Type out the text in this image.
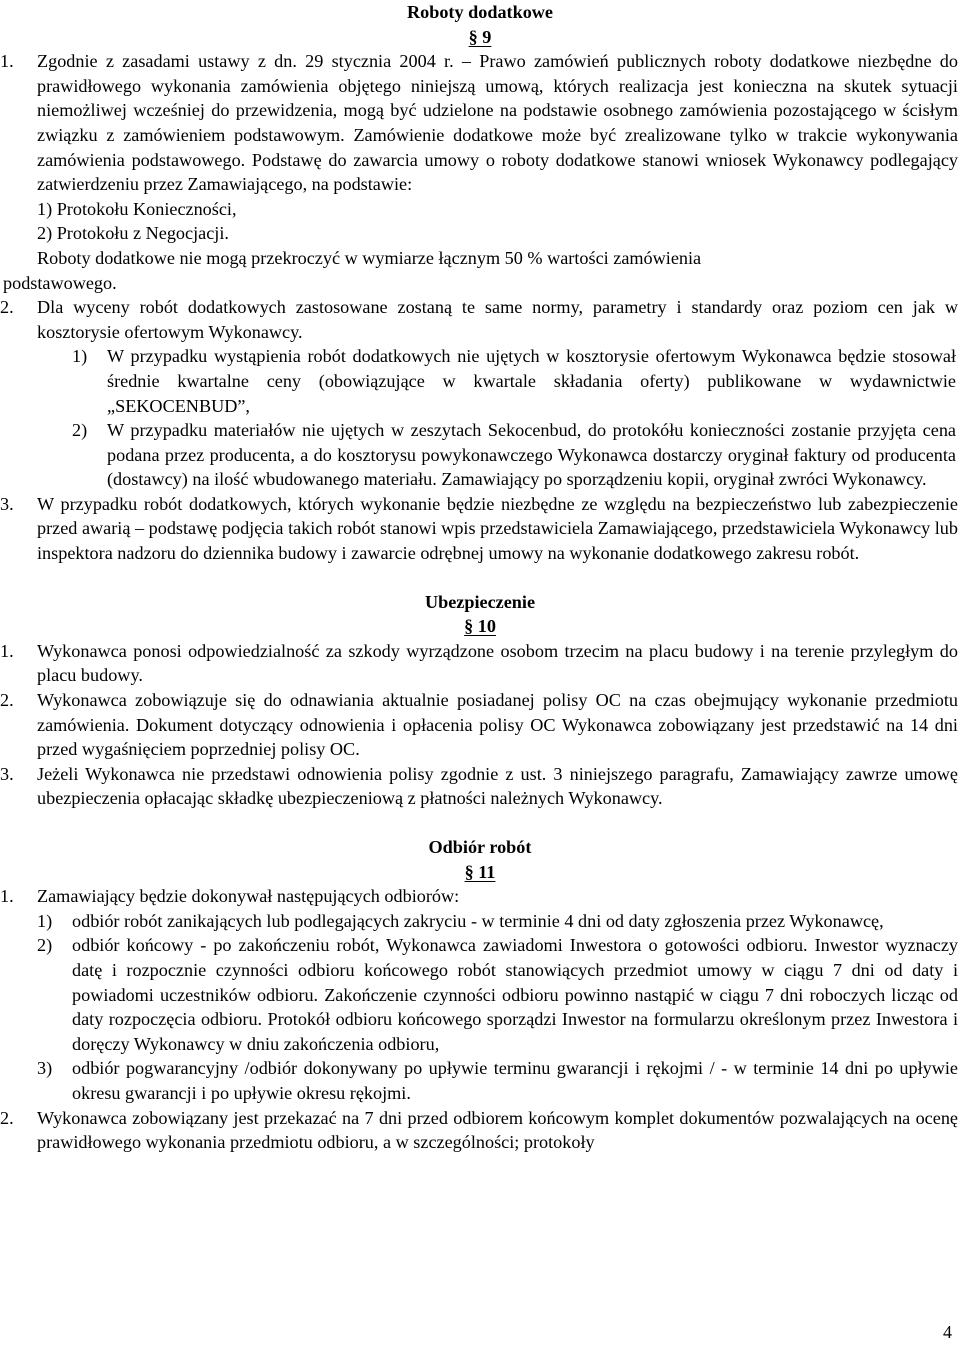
Roboty dodatkowe
§ 9
1. Zgodnie z zasadami ustawy z dn. 29 stycznia 2004 r. – Prawo zamówień publicznych roboty dodatkowe niezbędne do prawidłowego wykonania zamówienia objętego niniejszą umową, których realizacja jest konieczna na skutek sytuacji niemożliwej wcześniej do przewidzenia, mogą być udzielone na podstawie osobnego zamówienia pozostającego w ścisłym związku z zamówieniem podstawowym. Zamówienie dodatkowe może być zrealizowane tylko w trakcie wykonywania zamówienia podstawowego. Podstawę do zawarcia umowy o roboty dodatkowe stanowi wniosek Wykonawcy podlegający zatwierdzeniu przez Zamawiającego, na podstawie:
1) Protokołu Konieczności,
2) Protokołu z Negocjacji.
Roboty dodatkowe nie mogą przekroczyć w wymiarze łącznym 50 % wartości zamówienia
podstawowego.
2. Dla wyceny robót dodatkowych zastosowane zostaną te same normy, parametry i standardy oraz poziom cen jak w kosztorysie ofertowym Wykonawcy.
1) W przypadku wystąpienia robót dodatkowych nie ujętych w kosztorysie ofertowym Wykonawca będzie stosował średnie kwartalne ceny (obowiązujące w kwartale składania oferty) publikowane w wydawnictwie „SEKOCENBUD”,
2) W przypadku materiałów nie ujętych w zeszytach Sekocenbud, do protokółu konieczności zostanie przyjęta cena podana przez producenta, a do kosztorysu powykonawczego Wykonawca dostarczy oryginał faktury od producenta (dostawcy) na ilość wbudowanego materiału. Zamawiający po sporządzeniu kopii, oryginał zwróci Wykonawcy.
3. W przypadku robót dodatkowych, których wykonanie będzie niezbędne ze względu na bezpieczeństwo lub zabezpieczenie przed awarią – podstawę podjęcia takich robót stanowi wpis przedstawiciela Zamawiającego, przedstawiciela Wykonawcy lub inspektora nadzoru do dziennika budowy i zawarcie odrębnej umowy na wykonanie dodatkowego zakresu robót.
Ubezpieczenie
§ 10
1. Wykonawca ponosi odpowiedzialność za szkody wyrządzone osobom trzecim na placu budowy i na terenie przyległym do placu budowy.
2. Wykonawca zobowiązuje się do odnawiania aktualnie posiadanej polisy OC na czas obejmujący wykonanie przedmiotu zamówienia. Dokument dotyczący odnowienia i opłacenia polisy OC Wykonawca zobowiązany jest przedstawić na 14 dni przed wygaśnięciem poprzedniej polisy OC.
3. Jeżeli Wykonawca nie przedstawi odnowienia polisy zgodnie z ust. 3 niniejszego paragrafu, Zamawiający zawrze umowę ubezpieczenia opłacając składkę ubezpieczeniową z płatności należnych Wykonawcy.
Odbiór robót
§ 11
1. Zamawiający będzie dokonywał następujących odbiorów:
1) odbiór robót zanikających lub podlegających zakryciu - w terminie 4 dni od daty zgłoszenia przez Wykonawcę,
2) odbiór końcowy - po zakończeniu robót, Wykonawca zawiadomi Inwestora o gotowości odbioru. Inwestor wyznaczy datę i rozpocznie czynności odbioru końcowego robót stanowiących przedmiot umowy w ciągu 7 dni od daty i powiadomi uczestników odbioru. Zakończenie czynności odbioru powinno nastąpić w ciągu 7 dni roboczych licząc od daty rozpoczęcia odbioru. Protokół odbioru końcowego sporządzi Inwestor na formularzu określonym przez Inwestora i doręczy Wykonawcy w dniu zakończenia odbioru,
3) odbiór pogwarancyjny /odbiór dokonywany po upływie terminu gwarancji i rękojmi / - w terminie 14 dni po upływie okresu gwarancji i po upływie okresu rękojmi.
2. Wykonawca zobowiązany jest przekazać na 7 dni przed odbiorem końcowym komplet dokumentów pozwalających na ocenę prawidłowego wykonania przedmiotu odbioru, a w szczególności; protokoły
4
